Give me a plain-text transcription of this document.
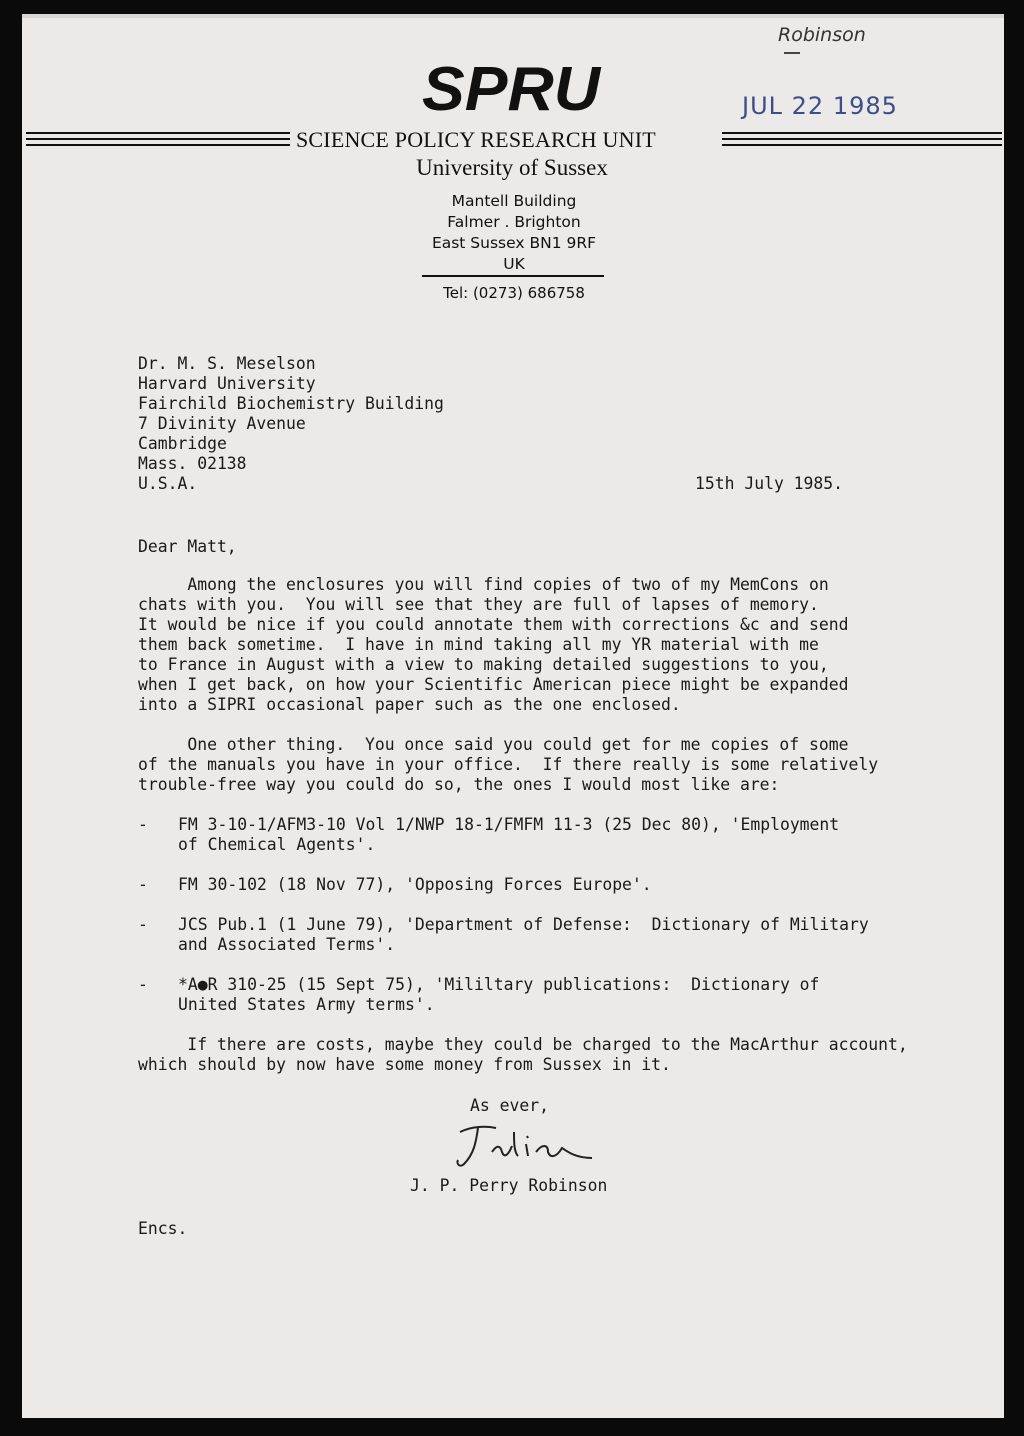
Robinson
SPRU	JUL 22 1985
SCIENCE POLICY RESEARCH UNIT
University of Sussex
Mantell Building
Falmer . Brighton
East Sussex BN1 9RF
UK
Tel: (0273) 686758
Dr. M. S. Meselson
Harvard University
Fairchild Biochemistry Building
7 Divinity Avenue
Cambridge
Mass. 02138
U.S.A.	15th July 1985.
Dear Matt,
Among the enclosures you will find copies of two of my MemCons on
chats with you.  You will see that they are full of lapses of memory.
It would be nice if you could annotate them with corrections &c and send
them back sometime.  I have in mind taking all my YR material with me
to France in August with a view to making detailed suggestions to you,
when I get back, on how your Scientific American piece might be expanded
into a SIPRI occasional paper such as the one enclosed.
One other thing.  You once said you could get for me copies of some
of the manuals you have in your office.  If there really is some relatively
trouble-free way you could do so, the ones I would most like are:
- FM 3-10-1/AFM3-10 Vol 1/NWP 18-1/FMFM 11-3 (25 Dec 80), 'Employment
of Chemical Agents'.
- FM 30-102 (18 Nov 77), 'Opposing Forces Europe'.
- JCS Pub.1 (1 June 79), 'Department of Defense:  Dictionary of Military
and Associated Terms'.
- *A●R 310-25 (15 Sept 75), 'Mililtary publications:  Dictionary of
United States Army terms'.
If there are costs, maybe they could be charged to the MacArthur account,
which should by now have some money from Sussex in it.
As ever,
J. P. Perry Robinson
Encs.
